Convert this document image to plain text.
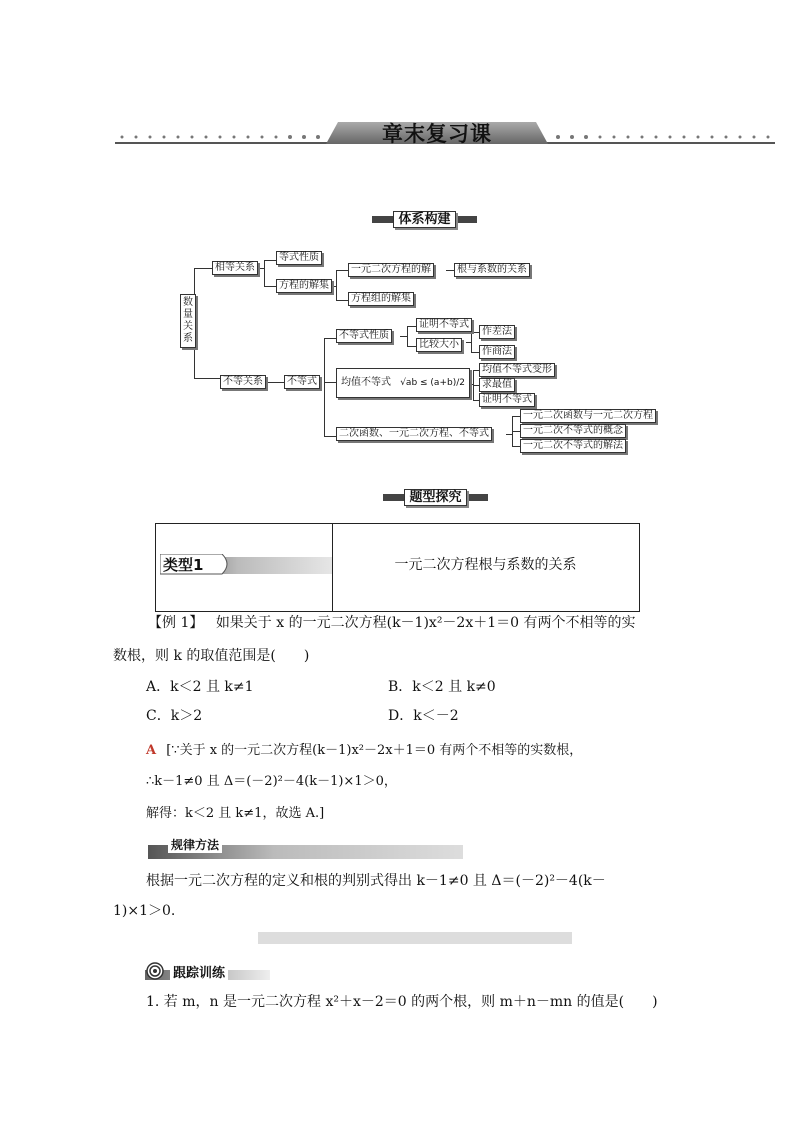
章末复习课
体系构建
数量关系
相等关系
等式性质
方程的解集
一元二次方程的解	根与系数的关系
方程组的解集
不等关系	不等式
不等式性质
证明不等式
比较大小
作差法
作商法
均值不等式 √ab ≤ (a+b)/2
均值不等式变形
求最值
证明不等式
二次函数、一元二次方程、不等式
一元二次函数与一元二次方程
一元二次不等式的概念
一元二次不等式的解法
题型探究
类型1	一元二次方程根与系数的关系
【例 1】 如果关于 x 的一元二次方程(k－1)x²－2x＋1＝0 有两个不相等的实
数根，则 k 的取值范围是(　　)
A．k＜2 且 k≠1	B．k＜2 且 k≠0
C．k＞2	D．k＜－2
A [∵关于 x 的一元二次方程(k－1)x²－2x＋1＝0 有两个不相等的实数根，
∴k－1≠0 且 Δ＝(－2)²－4(k－1)×1＞0，
解得：k＜2 且 k≠1，故选 A.]
规律方法
根据一元二次方程的定义和根的判别式得出 k－1≠0 且 Δ＝(－2)²－4(k－
1)×1＞0.
跟踪训练
1. 若 m，n 是一元二次方程 x²＋x－2＝0 的两个根，则 m＋n－mn 的值是(　　)
